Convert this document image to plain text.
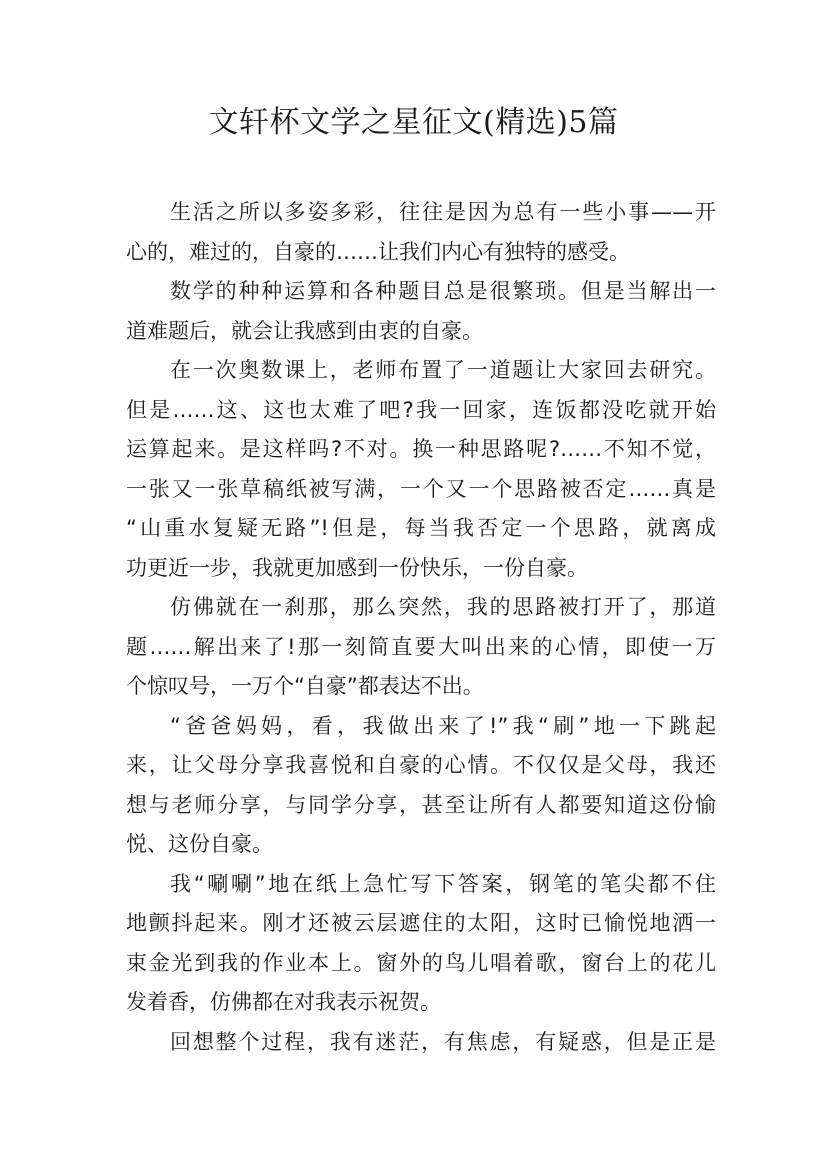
文轩杯文学之星征文(精选)5篇

生活之所以多姿多彩，往往是因为总有一些小事——开
心的，难过的，自豪的……让我们内心有独特的感受。

数学的种种运算和各种题目总是很繁琐。但是当解出一
道难题后，就会让我感到由衷的自豪。

在一次奥数课上，老师布置了一道题让大家回去研究。
但是……这、这也太难了吧?我一回家，连饭都没吃就开始
运算起来。是这样吗?不对。换一种思路呢?……不知不觉，
一张又一张草稿纸被写满，一个又一个思路被否定……真是
“山重水复疑无路”!但是，每当我否定一个思路，就离成
功更近一步，我就更加感到一份快乐，一份自豪。

仿佛就在一刹那，那么突然，我的思路被打开了，那道
题……解出来了!那一刻简直要大叫出来的心情，即使一万
个惊叹号，一万个“自豪”都表达不出。

“爸爸妈妈，看，我做出来了!”我“刷”地一下跳起
来，让父母分享我喜悦和自豪的心情。不仅仅是父母，我还
想与老师分享，与同学分享，甚至让所有人都要知道这份愉
悦、这份自豪。

我“唰唰”地在纸上急忙写下答案，钢笔的笔尖都不住
地颤抖起来。刚才还被云层遮住的太阳，这时已愉悦地洒一
束金光到我的作业本上。窗外的鸟儿唱着歌，窗台上的花儿
发着香，仿佛都在对我表示祝贺。

回想整个过程，我有迷茫，有焦虑，有疑惑，但是正是
